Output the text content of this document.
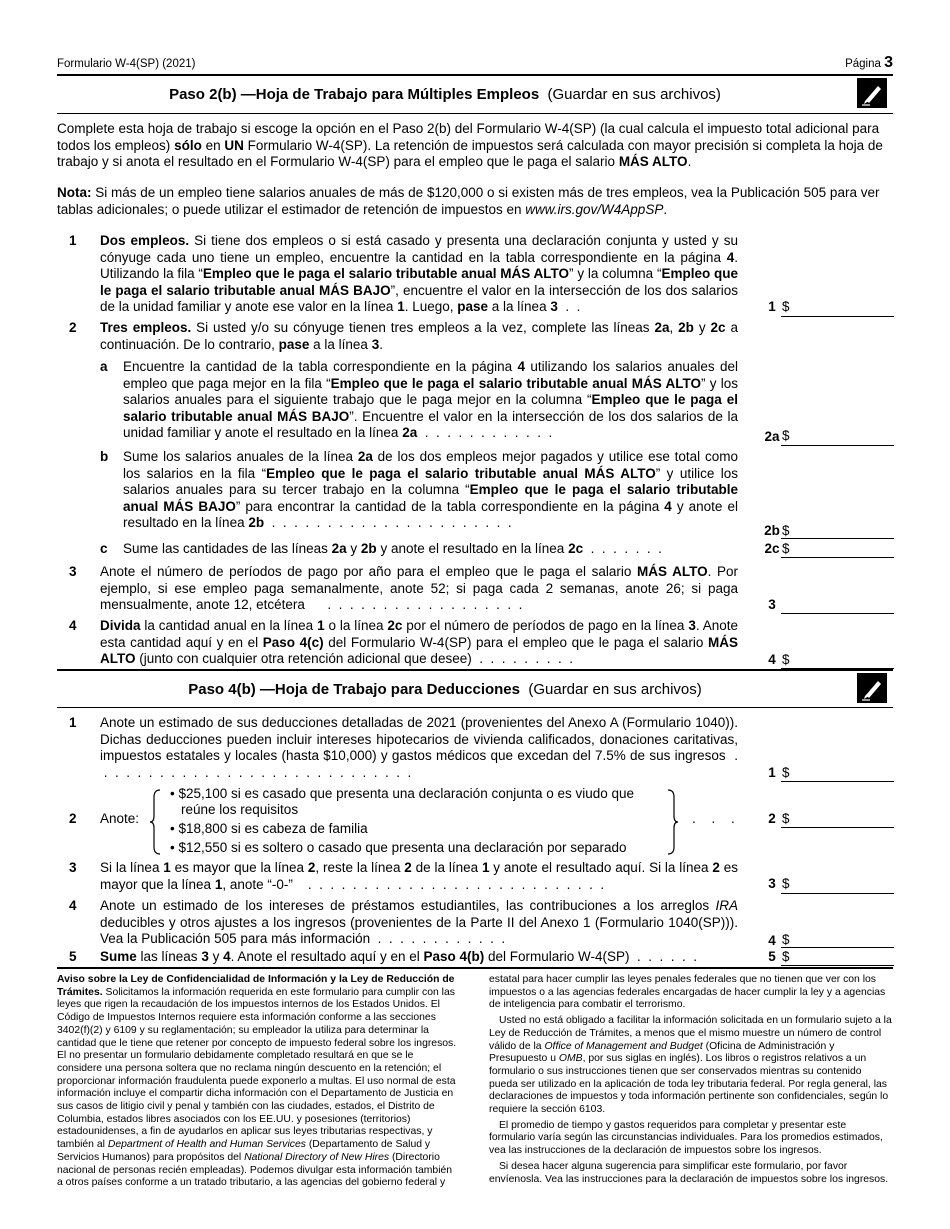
Formulario W-4(SP) (2021)	Página 3
Paso 2(b) —Hoja de Trabajo para Múltiples Empleos (Guardar en sus archivos)
Complete esta hoja de trabajo si escoge la opción en el Paso 2(b) del Formulario W-4(SP) (la cual calcula el impuesto total adicional para todos los empleos) sólo en UN Formulario W-4(SP). La retención de impuestos será calculada con mayor precisión si completa la hoja de trabajo y si anota el resultado en el Formulario W-4(SP) para el empleo que le paga el salario MÁS ALTO.
Nota: Si más de un empleo tiene salarios anuales de más de $120,000 o si existen más de tres empleos, vea la Publicación 505 para ver tablas adicionales; o puede utilizar el estimador de retención de impuestos en www.irs.gov/W4AppSP.
1 Dos empleos. Si tiene dos empleos o si está casado y presenta una declaración conjunta y usted y su cónyuge cada uno tiene un empleo, encuentre la cantidad en la tabla correspondiente en la página 4. Utilizando la fila “Empleo que le paga el salario tributable anual MÁS ALTO” y la columna “Empleo que le paga el salario tributable anual MÁS BAJO”, encuentre el valor en la intersección de los dos salarios de la unidad familiar y anote ese valor en la línea 1. Luego, pase a la línea 3  .  .	1 $
2 Tres empleos. Si usted y/o su cónyuge tienen tres empleos a la vez, complete las líneas 2a, 2b y 2c a continuación. De lo contrario, pase a la línea 3.
a Encuentre la cantidad de la tabla correspondiente en la página 4 utilizando los salarios anuales del empleo que paga mejor en la fila “Empleo que le paga el salario tributable anual MÁS ALTO” y los salarios anuales para el siguiente trabajo que le paga mejor en la columna “Empleo que le paga el salario tributable anual MÁS BAJO”. Encuentre el valor en la intersección de los dos salarios de la unidad familiar y anote el resultado en la línea 2a  .  .  .  .  .  .  .  .  .  .  .  .	2a $
b Sume los salarios anuales de la línea 2a de los dos empleos mejor pagados y utilice ese total como los salarios en la fila “Empleo que le paga el salario tributable anual MÁS ALTO” y utilice los salarios anuales para su tercer trabajo en la columna “Empleo que le paga el salario tributable anual MÁS BAJO” para encontrar la cantidad de la tabla correspondiente en la página 4 y anote el resultado en la línea 2b  .  .  .  .  .  .  .  .  .  .  .  .  .  .  .  .  .  .  .  .  .  .
2b $
c Sume las cantidades de las líneas 2a y 2b y anote el resultado en la línea 2c  .  .  .  .  .  .  .	2c $
3 Anote el número de períodos de pago por año para el empleo que le paga el salario MÁS ALTO. Por ejemplo, si ese empleo paga semanalmente, anote 52; si paga cada 2 semanas, anote 26; si paga mensualmente, anote 12, etcétera      .  .  .  .  .  .  .  .  .  .  .  .  .  .  .  .  .  .	3
4 Divida la cantidad anual en la línea 1 o la línea 2c por el número de períodos de pago en la línea 3. Anote esta cantidad aquí y en el Paso 4(c) del Formulario W-4(SP) para el empleo que le paga el salario MÁS ALTO (junto con cualquier otra retención adicional que desee)  .  .  .  .  .  .  .  .  .	4 $
Paso 4(b) —Hoja de Trabajo para Deducciones (Guardar en sus archivos)
1 Anote un estimado de sus deducciones detalladas de 2021 (provenientes del Anexo A (Formulario 1040)). Dichas deducciones pueden incluir intereses hipotecarios de vivienda calificados, donaciones caritativas, impuestos estatales y locales (hasta $10,000) y gastos médicos que excedan del 7.5% de sus ingresos  .  .  .  .  .  .  .  .  .  .  .  .  .  .  .  .  .  .  .  .  .  .  .  .  .  .  .  .  .	1 $
2 Anote:
• $25,100 si es casado que presenta una declaración conjunta o es viudo que
reúne los requisitos
• $18,800 si es cabeza de familia
• $12,550 si es soltero o casado que presenta una declaración por separado
. . .	2 $
3 Si la línea 1 es mayor que la línea 2, reste la línea 2 de la línea 1 y anote el resultado aquí. Si la línea 2 es mayor que la línea 1, anote “-0-”    .  .  .  .  .  .  .  .  .  .  .  .  .  .  .  .  .  .  .  .  .  .  .  .  .  .  .	3 $
4 Anote un estimado de los intereses de préstamos estudiantiles, las contribuciones a los arreglos IRA deducibles y otros ajustes a los ingresos (provenientes de la Parte II del Anexo 1 (Formulario 1040(SP))). Vea la Publicación 505 para más información  .  .  .  .  .  .  .  .  .  .  .  .	4 $
5 Sume las líneas 3 y 4. Anote el resultado aquí y en el Paso 4(b) del Formulario W-4(SP)  .  .  .  .  .  .	5 $

Aviso sobre la Ley de Confidencialidad de Información y la Ley de Reducción de Trámites. Solicitamos la información requerida en este formulario para cumplir con las leyes que rigen la recaudación de los impuestos internos de los Estados Unidos. El Código de Impuestos Internos requiere esta información conforme a las secciones 3402(f)(2) y 6109 y su reglamentación; su empleador la utiliza para determinar la cantidad que le tiene que retener por concepto de impuesto federal sobre los ingresos. El no presentar un formulario debidamente completado resultará en que se le considere una persona soltera que no reclama ningún descuento en la retención; el proporcionar información fraudulenta puede exponerlo a multas. El uso normal de esta información incluye el compartir dicha información con el Departamento de Justicia en sus casos de litigio civil y penal y también con las ciudades, estados, el Distrito de Columbia, estados libres asociados con los EE.UU. y posesiones (territorios) estadounidenses, a fin de ayudarlos en aplicar sus leyes tributarias respectivas, y también al Department of Health and Human Services (Departamento de Salud y Servicios Humanos) para propósitos del National Directory of New Hires (Directorio nacional de personas recién empleadas). Podemos divulgar esta información también a otros países conforme a un tratado tributario, a las agencias del gobierno federal y

estatal para hacer cumplir las leyes penales federales que no tienen que ver con los impuestos o a las agencias federales encargadas de hacer cumplir la ley y a agencias de inteligencia para combatir el terrorismo.

Usted no está obligado a facilitar la información solicitada en un formulario sujeto a la Ley de Reducción de Trámites, a menos que el mismo muestre un número de control válido de la Office of Management and Budget (Oficina de Administración y Presupuesto u OMB, por sus siglas en inglés). Los libros o registros relativos a un formulario o sus instrucciones tienen que ser conservados mientras su contenido pueda ser utilizado en la aplicación de toda ley tributaria federal. Por regla general, las declaraciones de impuestos y toda información pertinente son confidenciales, según lo requiere la sección 6103.

El promedio de tiempo y gastos requeridos para completar y presentar este formulario varía según las circunstancias individuales. Para los promedios estimados, vea las instrucciones de la declaración de impuestos sobre los ingresos.

Si desea hacer alguna sugerencia para simplificar este formulario, por favor envíenosla. Vea las instrucciones para la declaración de impuestos sobre los ingresos.
